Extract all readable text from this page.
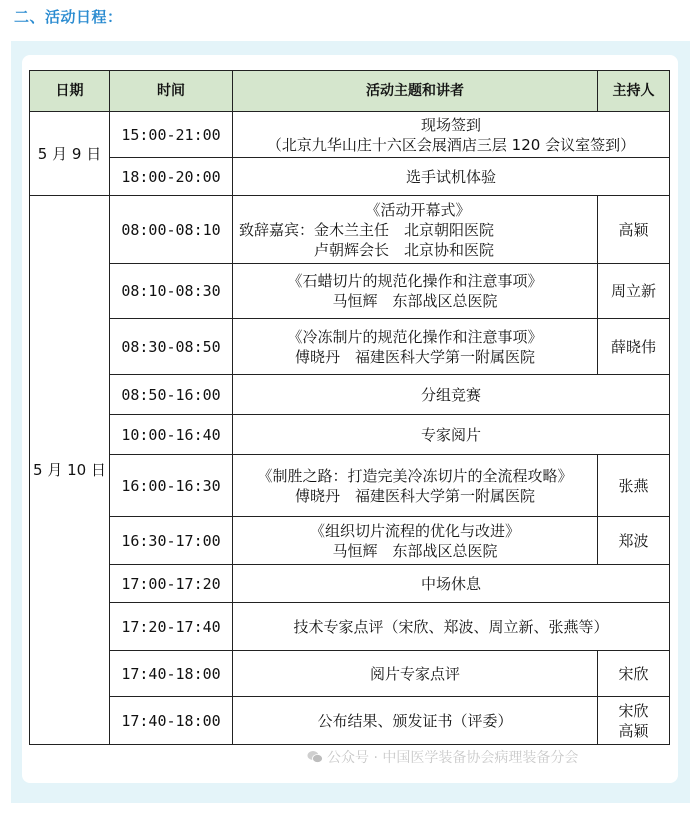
二、活动日程：
日期	时间	活动主题和讲者	主持人
5 月 9 日	15:00-21:00	现场签到
（北京九华山庄十六区会展酒店三层 120 会议室签到）	

	18:00-20:00	选手试机体验	

5 月 10 日	08:00-08:10	《活动开幕式》
致辞嘉宾：金木兰主任　北京朝阳医院
　　　　　卢朝辉会长　北京协和医院	高颖
	08:10-08:30	《石蜡切片的规范化操作和注意事项》
马恒辉　东部战区总医院	周立新
	08:30-08:50	《冷冻制片的规范化操作和注意事项》
傅晓丹　福建医科大学第一附属医院	薛晓伟
	08:50-16:00	分组竞赛	

	10:00-16:40	专家阅片	

	16:00-16:30	《制胜之路：打造完美冷冻切片的全流程攻略》
傅晓丹　福建医科大学第一附属医院	张燕
	16:30-17:00	《组织切片流程的优化与改进》
马恒辉　东部战区总医院	郑波
	17:00-17:20	中场休息	

	17:20-17:40	技术专家点评（宋欣、郑波、周立新、张燕等）	

	17:40-18:00	阅片专家点评	宋欣
	17:40-18:00	公布结果、颁发证书（评委）	宋欣
高颖
公众号 · 中国医学装备协会病理装备分会
